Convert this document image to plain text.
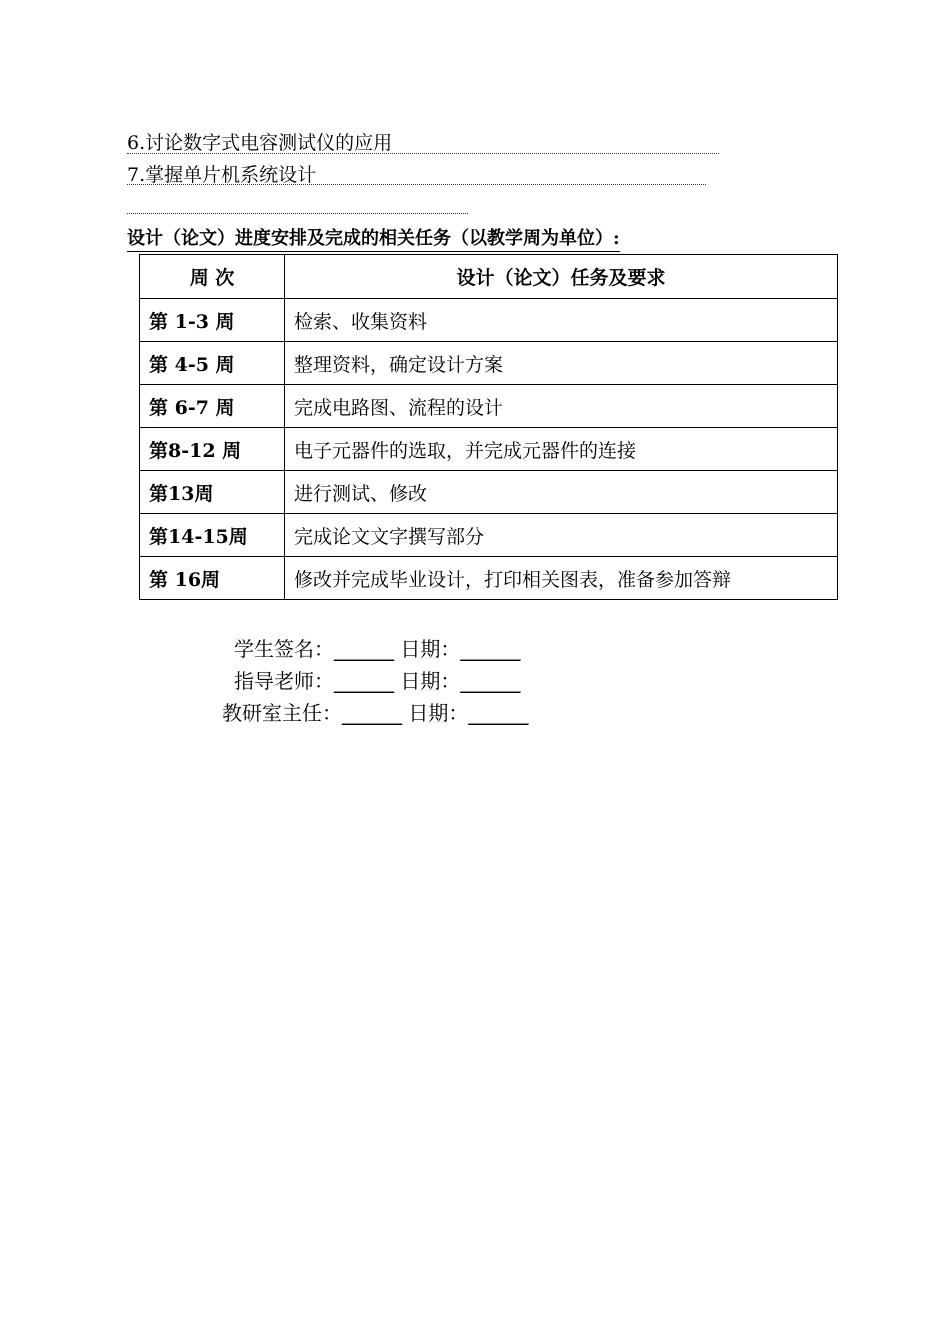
6.讨论数字式电容测试仪的应用
7.掌握单片机系统设计
设计（论文）进度安排及完成的相关任务（以教学周为单位）:
周 次	设计（论文）任务及要求
第 1-3 周	检索、收集资料
第 4-5 周	整理资料，确定设计方案
第 6-7 周	完成电路图、流程的设计
第8-12 周	电子元器件的选取，并完成元器件的连接
第13周	进行测试、修改
第14-15周	完成论文文字撰写部分
第 16周	修改并完成毕业设计，打印相关图表，准备参加答辩
学生签名：______ 日期：______
指导老师：______ 日期：______
教研室主任：______ 日期：______
